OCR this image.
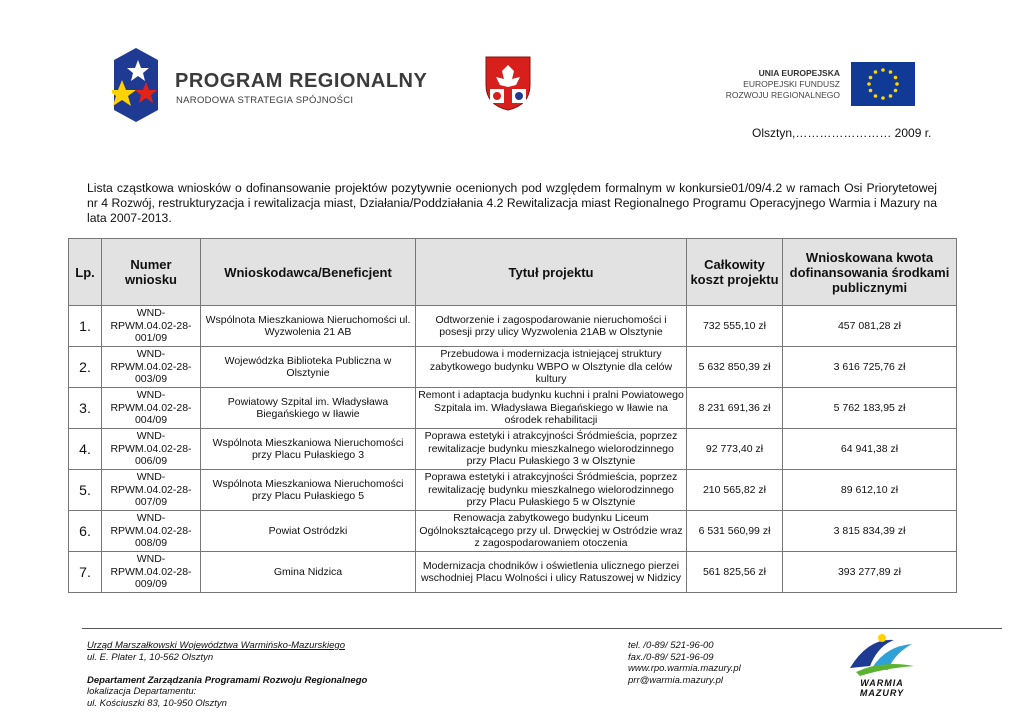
PROGRAM REGIONALNY
NARODOWA STRATEGIA SPÓJNOŚCI
UNIA EUROPEJSKA
EUROPEJSKI FUNDUSZ
ROZWOJU REGIONALNEGO
Olsztyn,…………………… 2009 r.
Lista cząstkowa wniosków o dofinansowanie projektów pozytywnie ocenionych pod względem formalnym w konkursie01/09/4.2 w ramach Osi Priorytetowej nr 4 Rozwój, restrukturyzacja i rewitalizacja miast, Działania/Poddziałania 4.2 Rewitalizacja miast Regionalnego Programu Operacyjnego Warmia i Mazury na lata 2007-2013.
Lp.	Numer wniosku	Wnioskodawca/Beneficjent	Tytuł projektu	Całkowity koszt projektu	Wnioskowana kwota dofinansowania środkami publicznymi
1.	WND-RPWM.04.02-28-001/09	Wspólnota Mieszkaniowa Nieruchomości ul. Wyzwolenia 21 AB	Odtworzenie i zagospodarowanie nieruchomości i posesji przy ulicy Wyzwolenia 21AB w Olsztynie	732 555,10 zł	457 081,28 zł
2.	WND-RPWM.04.02-28-003/09	Wojewódzka Biblioteka Publiczna w Olsztynie	Przebudowa i modernizacja istniejącej struktury zabytkowego budynku WBPO w Olsztynie dla celów kultury	5 632 850,39 zł	3 616 725,76 zł
3.	WND-RPWM.04.02-28-004/09	Powiatowy Szpital im. Władysława Biegańskiego w Iławie	Remont i adaptacja budynku kuchni i pralni Powiatowego Szpitala im. Władysława Biegańskiego w Iławie na ośrodek rehabilitacji	8 231 691,36 zł	5 762 183,95 zł
4.	WND-RPWM.04.02-28-006/09	Wspólnota Mieszkaniowa Nieruchomości przy Placu Pułaskiego 3	Poprawa estetyki i atrakcyjności Śródmieścia, poprzez rewitalizacje budynku mieszkalnego wielorodzinnego przy Placu Pułaskiego 3 w Olsztynie	92 773,40 zł	64 941,38 zł
5.	WND-RPWM.04.02-28-007/09	Wspólnota Mieszkaniowa Nieruchomości przy Placu Pułaskiego 5	Poprawa estetyki i atrakcyjności Śródmieścia, poprzez rewitalizację budynku mieszkalnego wielorodzinnego przy Placu Pułaskiego 5 w Olsztynie	210 565,82 zł	89 612,10 zł
6.	WND-RPWM.04.02-28-008/09	Powiat Ostródzki	Renowacja zabytkowego budynku Liceum Ogólnokształcącego przy ul. Drwęckiej w Ostródzie wraz z zagospodarowaniem otoczenia	6 531 560,99 zł	3 815 834,39 zł
7.	WND-RPWM.04.02-28-009/09	Gmina Nidzica	Modernizacja chodników i oświetlenia ulicznego pierzei wschodniej Placu Wolności i ulicy Ratuszowej w Nidzicy	561 825,56 zł	393 277,89 zł
Urząd Marszałkowski Województwa Warmińsko-Mazurskiego
ul. E. Plater 1, 10-562 Olsztyn

Departament Zarządzania Programami Rozwoju Regionalnego
lokalizacja Departamentu:
ul. Kościuszki 83, 10-950 Olsztyn
tel. /0-89/ 521-96-00
fax./0-89/ 521-96-09
www.rpo.warmia.mazury.pl
prr@warmia.mazury.pl	WARMIA
MAZURY
